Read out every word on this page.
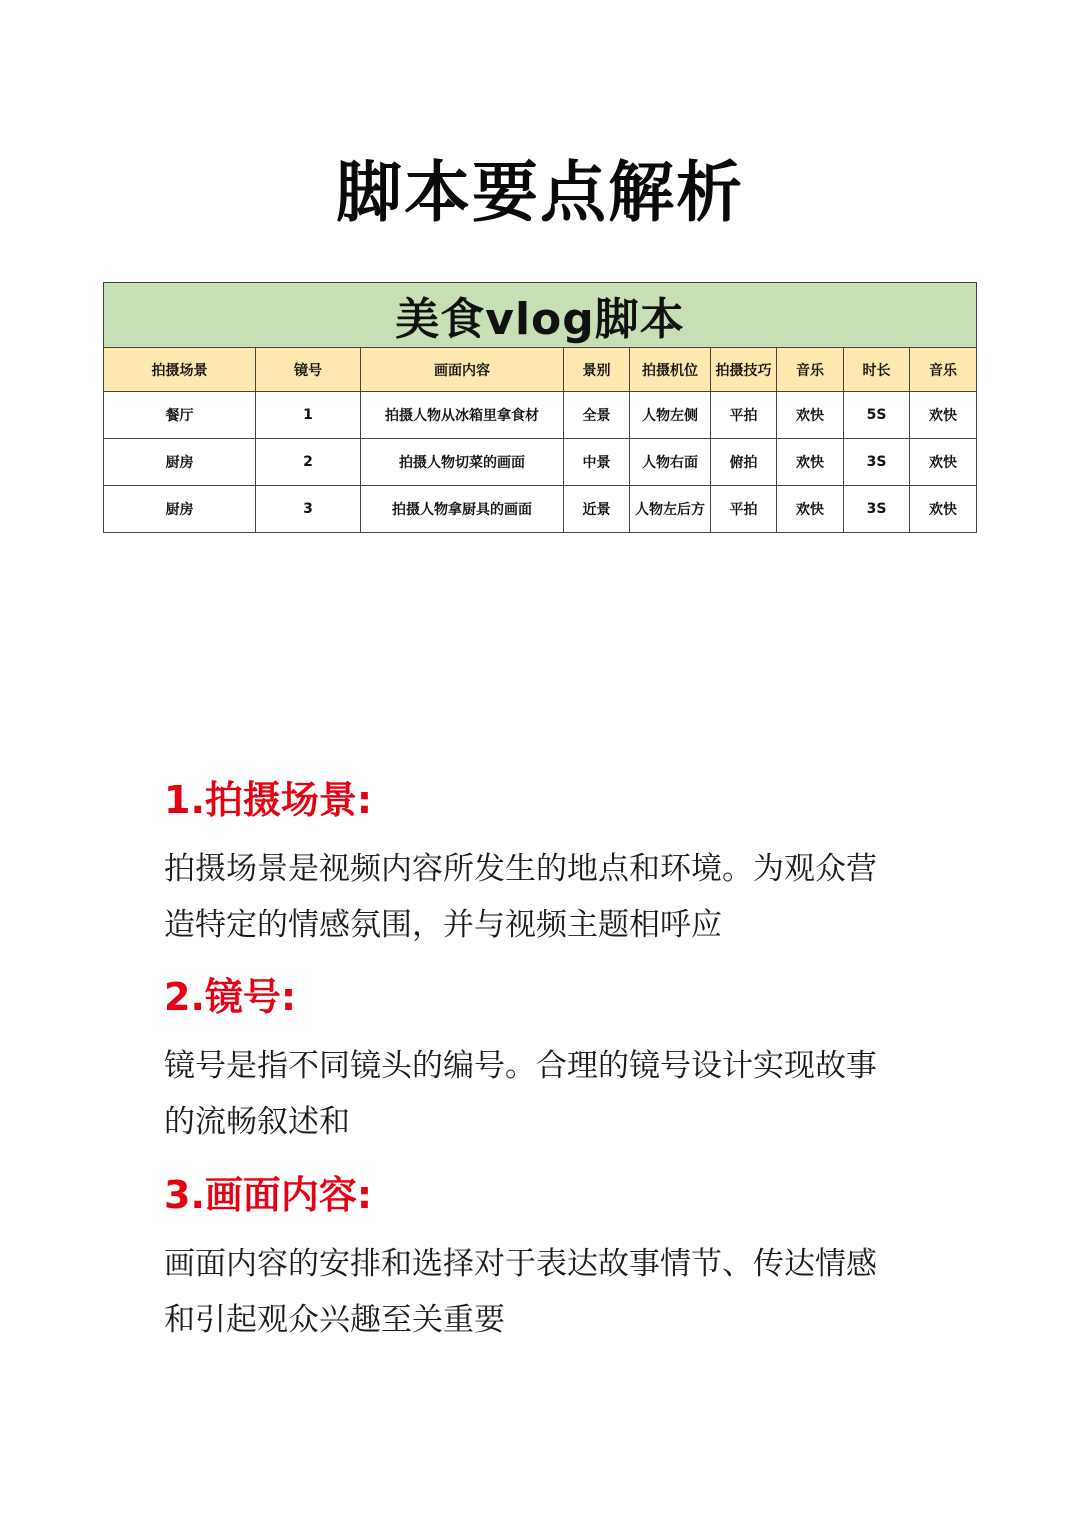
脚本要点解析
美食vlog脚本								
拍摄场景	镜号	画面内容	景别	拍摄机位	拍摄技巧	音乐	时长	音乐
餐厅	1	拍摄人物从冰箱里拿食材	全景	人物左侧	平拍	欢快	5S	欢快
厨房	2	拍摄人物切菜的画面	中景	人物右面	俯拍	欢快	3S	欢快
厨房	3	拍摄人物拿厨具的画面	近景	人物左后方	平拍	欢快	3S	欢快
1.拍摄场景:

拍摄场景是视频内容所发生的地点和环境。为观众营
造特定的情感氛围，并与视频主题相呼应

2.镜号:

镜号是指不同镜头的编号。合理的镜号设计实现故事
的流畅叙述和

3.画面内容:

画面内容的安排和选择对于表达故事情节、传达情感
和引起观众兴趣至关重要
